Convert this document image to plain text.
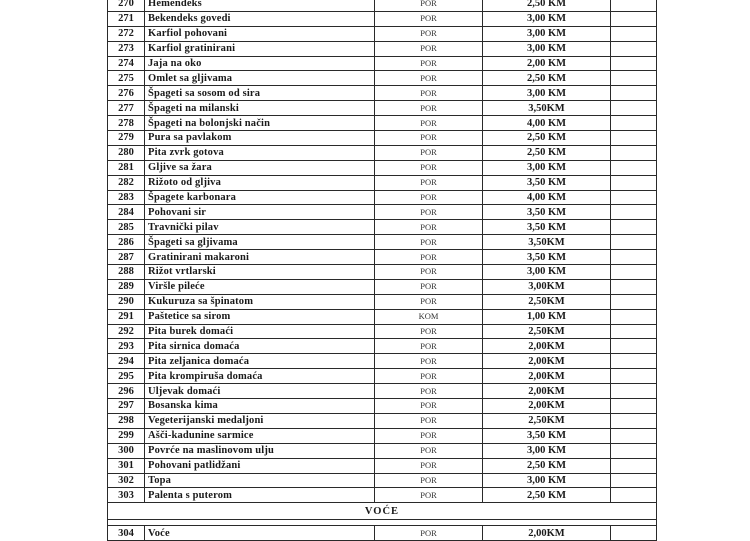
270	Hemendeks	POR	2,50 KM	
271	Bekendeks govedi	POR	3,00 KM	
272	Karfiol pohovani	POR	3,00 KM	
273	Karfiol gratinirani	POR	3,00 KM	
274	Jaja na oko	POR	2,00 KM	
275	Omlet sa gljivama	POR	2,50 KM	
276	Špageti sa sosom od sira	POR	3,00 KM	
277	Špageti na milanski	POR	3,50KM	
278	Špageti na bolonjski način	POR	4,00 KM	
279	Pura sa pavlakom	POR	2,50 KM	
280	Pita zvrk gotova	POR	2,50 KM	
281	Gljive sa žara	POR	3,00 KM	
282	Rižoto od gljiva	POR	3,50 KM	
283	Špagete karbonara	POR	4,00 KM	
284	Pohovani sir	POR	3,50 KM	
285	Travnički pilav	POR	3,50 KM	
286	Špageti sa gljivama	POR	3,50KM	
287	Gratinirani makaroni	POR	3,50 KM	
288	Rižot vrtlarski	POR	3,00 KM	
289	Viršle pileće	POR	3,00KM	
290	Kukuruza sa špinatom	POR	2,50KM	
291	Paštetice sa sirom	KOM	1,00 KM	
292	Pita burek domaći	POR	2,50KM	
293	Pita sirnica domaća	POR	2,00KM	
294	Pita zeljanica domaća	POR	2,00KM	
295	Pita krompiruša domaća	POR	2,00KM	
296	Uljevak domaći	POR	2,00KM	
297	Bosanska kima	POR	2,00KM	
298	Vegeterijanski medaljoni	POR	2,50KM	
299	Ašči-kadunine sarmice	POR	3,50 KM	
300	Povrće na maslinovom ulju	POR	3,00 KM	
301	Pohovani patlidžani	POR	2,50 KM	
302	Topa	POR	3,00 KM	
303	Palenta s puterom	POR	2,50 KM	
VOĆE				

304	Voće	POR	2,00KM	
